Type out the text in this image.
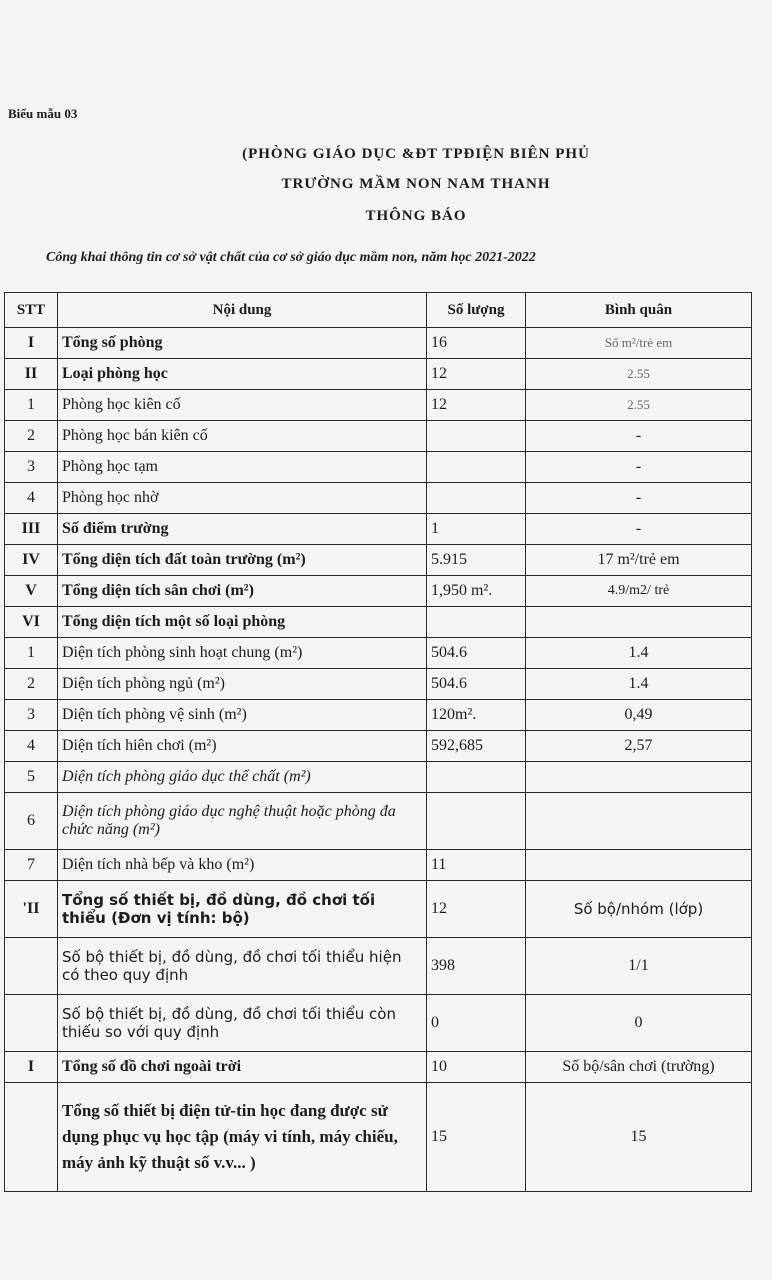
Biểu mẫu 03
(PHÒNG GIÁO DỤC &ĐT TPĐIỆN BIÊN PHỦ
TRƯỜNG MẦM NON NAM THANH
THÔNG BÁO
Công khai thông tin cơ sở vật chất của cơ sở giáo dục mầm non, năm học 2021-2022
STT	Nội dung	Số lượng	Bình quân
I	Tổng số phòng	16	Số m²/trẻ em
II	Loại phòng học	12	2.55
1	Phòng học kiên cố	12	2.55
2	Phòng học bán kiên cố		-
3	Phòng học tạm		-
4	Phòng học nhờ		-
III	Số điểm trường	1	-
IV	Tổng diện tích đất toàn trường (m²)	5.915	17 m²/trẻ em
V	Tổng diện tích sân chơi (m²)	1,950 m².	4.9/m2/ trẻ
VI	Tổng diện tích một số loại phòng		
1	Diện tích phòng sinh hoạt chung (m²)	504.6	1.4
2	Diện tích phòng ngủ (m²)	504.6	1.4
3	Diện tích phòng vệ sinh (m²)	120m².	0,49
4	Diện tích hiên chơi (m²)	592,685	2,57
5	Diện tích phòng giáo dục thể chất (m²)		
6	Diện tích phòng giáo dục nghệ thuật hoặc phòng đa chức năng (m²)		
7	Diện tích nhà bếp và kho (m²)	11	
'II	Tổng số thiết bị, đồ dùng, đồ chơi tối thiểu (Đơn vị tính: bộ)	12	Số bộ/nhóm (lớp)
	Số bộ thiết bị, đồ dùng, đồ chơi tối thiểu hiện có theo quy định	398	1/1
	Số bộ thiết bị, đồ dùng, đồ chơi tối thiểu còn thiếu so với quy định	0	0
I	Tổng số đồ chơi ngoài trời	10	Số bộ/sân chơi (trường)
	Tổng số thiết bị điện tử-tin học đang được sử dụng phục vụ học tập (máy vi tính, máy chiếu, máy ảnh kỹ thuật số v.v... )	15	15
